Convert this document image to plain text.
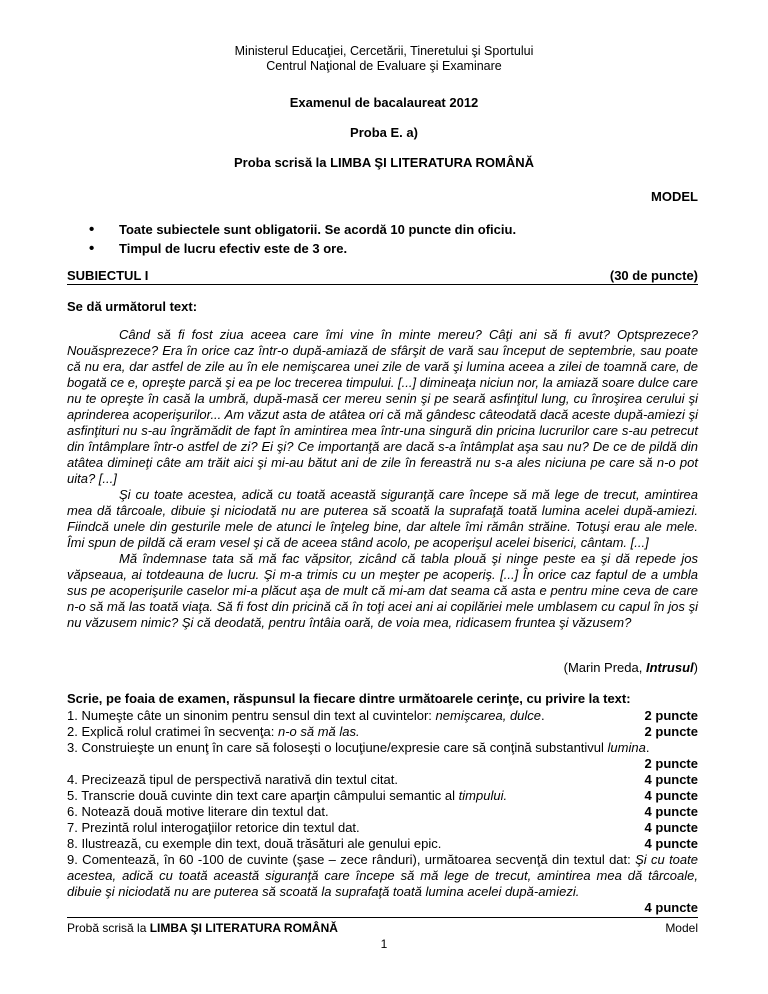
Ministerul Educaţiei, Cercetării, Tineretului şi Sportului
Centrul Naţional de Evaluare şi Examinare
Examenul de bacalaureat 2012
Proba E. a)
Proba scrisă la LIMBA ŞI LITERATURA ROMÂNĂ
MODEL
• Toate subiectele sunt obligatorii. Se acordă 10 puncte din oficiu.
• Timpul de lucru efectiv este de 3 ore.
SUBIECTUL I	(30 de puncte)
Se dă următorul text:
Când să fi fost ziua aceea care îmi vine în minte mereu? Câţi ani să fi avut? Optsprezece? Nouăsprezece? Era în orice caz într-o după-amiază de sfârşit de vară sau început de septembrie, sau poate că nu era, dar astfel de zile au în ele nemişcarea unei zile de vară şi lumina aceea a zilei de toamnă care, de bogată ce e, opreşte parcă şi ea pe loc trecerea timpului. [...] dimineaţa niciun nor, la amiază soare dulce care nu te opreşte în casă la umbră, după-masă cer mereu senin şi pe seară asfinţitul lung, cu înroşirea cerului şi aprinderea acoperişurilor... Am văzut asta de atâtea ori că mă gândesc câteodată dacă aceste după-amiezi şi asfinţituri nu s-au îngrămădit de fapt în amintirea mea într-una singură din pricina lucrurilor care s-au petrecut din întâmplare într-o astfel de zi? Ei şi? Ce importanţă are dacă s-a întâmplat aşa sau nu? De ce de pildă din atâtea dimineţi câte am trăit aici şi mi-au bătut ani de zile în fereastră nu s-a ales niciuna pe care să n-o pot uita? [...]
Şi cu toate acestea, adică cu toată această siguranţă care începe să mă lege de trecut, amintirea mea dă târcoale, dibuie şi niciodată nu are puterea să scoată la suprafaţă toată lumina acelei după-amiezi. Fiindcă unele din gesturile mele de atunci le înţeleg bine, dar altele îmi rămân străine. Totuşi erau ale mele. Îmi spun de pildă că eram vesel şi că de aceea stând acolo, pe acoperişul acelei biserici, cântam. [...]
Mă îndemnase tata să mă fac văpsitor, zicând că tabla plouă şi ninge peste ea şi dă repede jos văpseaua, ai totdeauna de lucru. Şi m-a trimis cu un meşter pe acoperiş. [...] În orice caz faptul de a umbla sus pe acoperişurile caselor mi-a plăcut aşa de mult că mi-am dat seama că asta e pentru mine ceva de care n-o să mă las toată viaţa. Să fi fost din pricină că în toţi acei ani ai copilăriei mele umblasem cu capul în jos şi nu văzusem nimic? Şi că deodată, pentru întâia oară, de voia mea, ridicasem fruntea şi văzusem?
(Marin Preda, Intrusul)
Scrie, pe foaia de examen, răspunsul la fiecare dintre următoarele cerinţe, cu privire la text:
1. Numeşte câte un sinonim pentru sensul din text al cuvintelor: nemişcarea, dulce.	2 puncte
2. Explică rolul cratimei în secvenţa: n-o să mă las.	2 puncte
3. Construieşte un enunţ în care să foloseşti o locuţiune/expresie care să conţină substantivul lumina.
2 puncte
4. Precizează tipul de perspectivă narativă din textul citat.	4 puncte
5. Transcrie două cuvinte din text care aparţin câmpului semantic al timpului.	4 puncte
6. Notează două motive literare din textul dat.	4 puncte
7. Prezintă rolul interogaţiilor retorice din textul dat.	4 puncte
8. Ilustrează, cu exemple din text, două trăsături ale genului epic.	4 puncte
9. Comentează, în 60 -100 de cuvinte (şase – zece rânduri), următoarea secvenţă din textul dat: Şi cu toate acestea, adică cu toată această siguranţă care începe să mă lege de trecut, amintirea mea dă târcoale, dibuie şi niciodată nu are puterea să scoată la suprafaţă toată lumina acelei după-amiezi.
4 puncte
Probă scrisă la LIMBA ŞI LITERATURA ROMÂNĂ	Model
1
